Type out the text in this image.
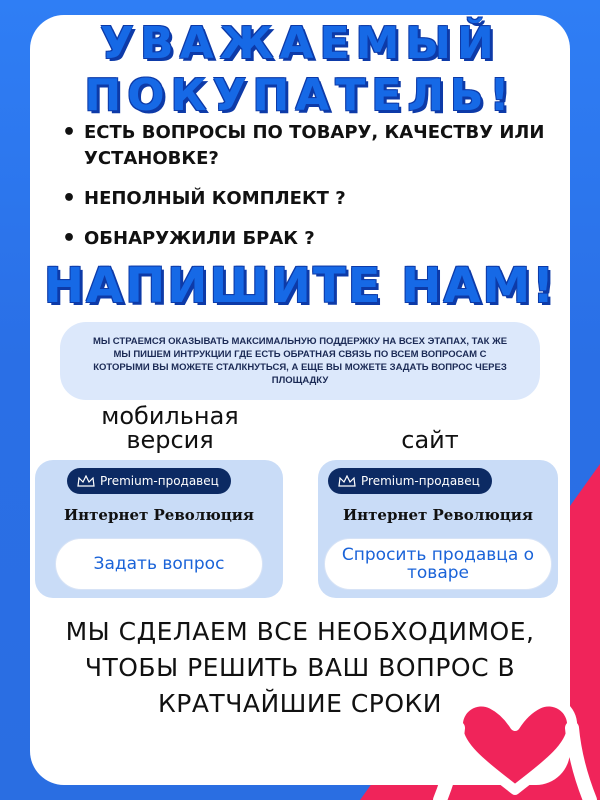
УВАЖАЕМЫЙ
ПОКУПАТЕЛЬ!
• ЕСТЬ ВОПРОСЫ ПО ТОВАРУ, КАЧЕСТВУ ИЛИ УСТАНОВКЕ?
• НЕПОЛНЫЙ КОМПЛЕКТ ?
• ОБНАРУЖИЛИ БРАК ?
НАПИШИТЕ НАМ!
МЫ СТРАЕМСЯ ОКАЗЫВАТЬ МАКСИМАЛЬНУЮ ПОДДЕРЖКУ НА ВСЕХ ЭТАПАХ, ТАК ЖЕ МЫ ПИШЕМ ИНТРУКЦИИ ГДЕ ЕСТЬ ОБРАТНАЯ СВЯЗЬ ПО ВСЕМ ВОПРОСАМ С КОТОРЫМИ ВЫ МОЖЕТЕ СТАЛКНУТЬСЯ, А ЕЩЕ ВЫ МОЖЕТЕ ЗАДАТЬ ВОПРОС ЧЕРЕЗ ПЛОЩАДКУ
мобильная версия	сайт
Premium-продавец
Интернет Революция
Задать вопрос
Premium-продавец
Интернет Революция
Спросить продавца о товаре
МЫ СДЕЛАЕМ ВСЕ НЕОБХОДИМОЕ, ЧТОБЫ РЕШИТЬ ВАШ ВОПРОС В КРАТЧАЙШИЕ СРОКИ
